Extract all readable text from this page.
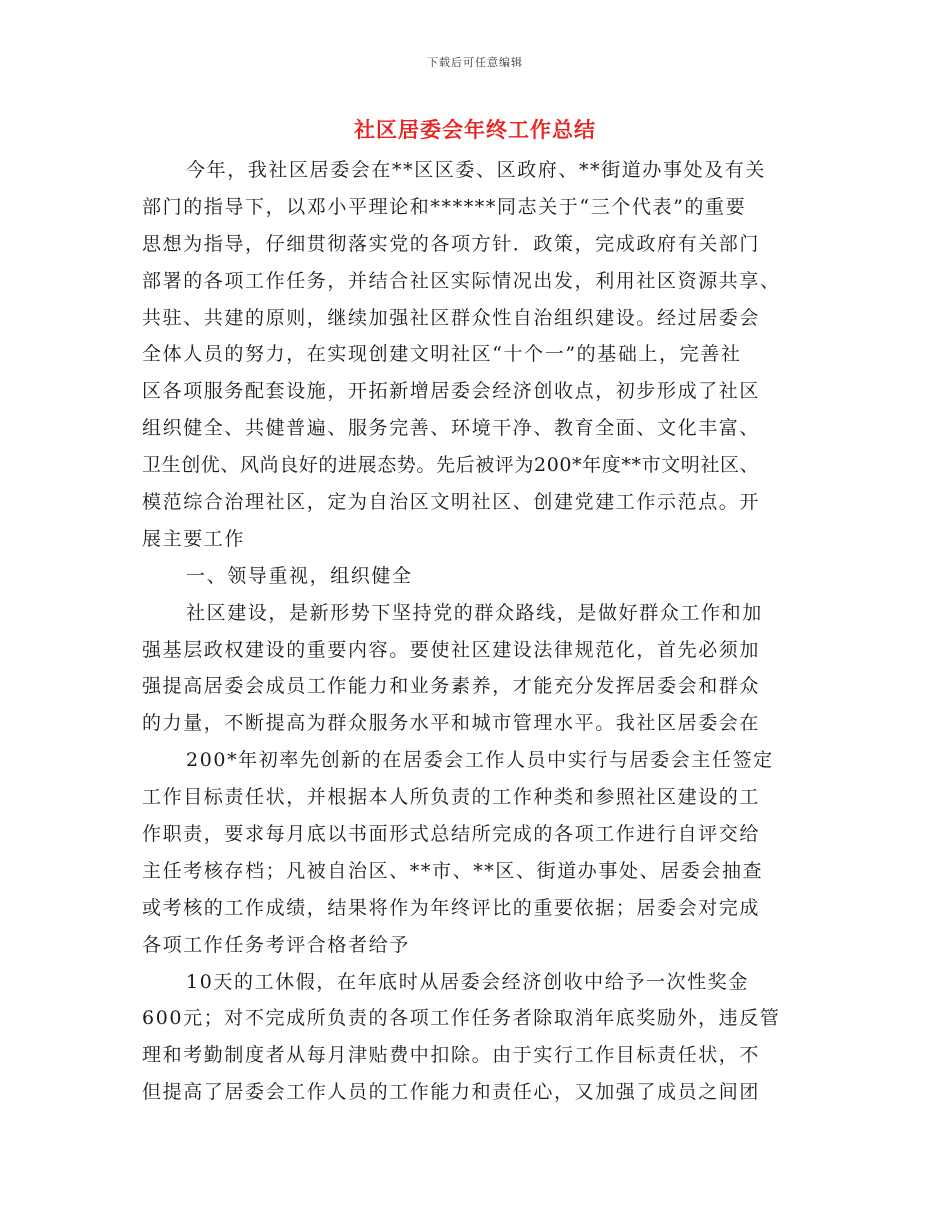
下载后可任意编辑
社区居委会年终工作总结
今年，我社区居委会在**区区委、区政府、**街道办事处及有关
部门的指导下，以邓小平理论和******同志关于“三个代表”的重要
思想为指导，仔细贯彻落实党的各项方针．政策，完成政府有关部门
部署的各项工作任务，并结合社区实际情况出发，利用社区资源共享、
共驻、共建的原则，继续加强社区群众性自治组织建设。经过居委会
全体人员的努力，在实现创建文明社区“十个一”的基础上，完善社
区各项服务配套设施，开拓新增居委会经济创收点，初步形成了社区
组织健全、共健普遍、服务完善、环境干净、教育全面、文化丰富、
卫生创优、风尚良好的进展态势。先后被评为200*年度**市文明社区、
模范综合治理社区，定为自治区文明社区、创建党建工作示范点。开
展主要工作
一、领导重视，组织健全
社区建设，是新形势下坚持党的群众路线，是做好群众工作和加
强基层政权建设的重要内容。要使社区建设法律规范化，首先必须加
强提高居委会成员工作能力和业务素养，才能充分发挥居委会和群众
的力量，不断提高为群众服务水平和城市管理水平。我社区居委会在
200*年初率先创新的在居委会工作人员中实行与居委会主任签定
工作目标责任状，并根据本人所负责的工作种类和参照社区建设的工
作职责，要求每月底以书面形式总结所完成的各项工作进行自评交给
主任考核存档；凡被自治区、**市、**区、街道办事处、居委会抽查
或考核的工作成绩，结果将作为年终评比的重要依据；居委会对完成
各项工作任务考评合格者给予
10天的工休假，在年底时从居委会经济创收中给予一次性奖金
600元；对不完成所负责的各项工作任务者除取消年底奖励外，违反管
理和考勤制度者从每月津贴费中扣除。由于实行工作目标责任状，不
但提高了居委会工作人员的工作能力和责任心，又加强了成员之间团
